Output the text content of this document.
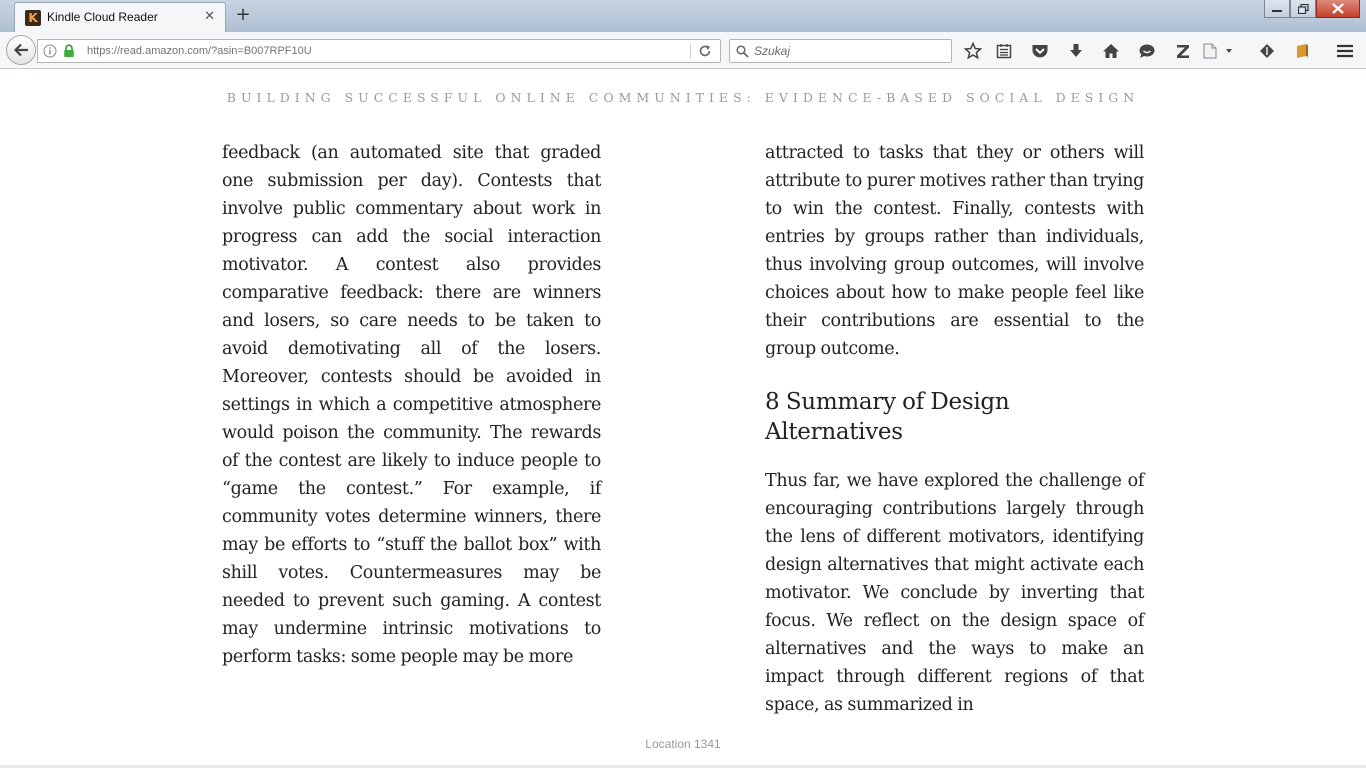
K Kindle Cloud Reader	✕ +
https://read.amazon.com/?asin=B007RPF10U
Szukaj
BUILDING SUCCESSFUL ONLINE COMMUNITIES: EVIDENCE-BASED SOCIAL DESIGN

feedback (an automated site that graded one submission per day). Contests that involve public commentary about work in progress can add the social interaction motivator. A contest also provides comparative feedback: there are winners and losers, so care needs to be taken to avoid demotivating all of the losers. Moreover, contests should be avoided in settings in which a competitive atmosphere would poison the community. The rewards of the contest are likely to induce people to “game the contest.” For example, if community votes determine winners, there may be efforts to “stuff the ballot box” with shill votes. Countermeasures may be needed to prevent such gaming. A contest may undermine intrinsic motivations to perform tasks: some people may be more

attracted to tasks that they or others will attribute to purer motives rather than trying to win the contest. Finally, contests with entries by groups rather than individuals, thus involving group outcomes, will involve choices about how to make people feel like their contributions are essential to the group outcome.

8 Summary of Design Alternatives

Thus far, we have explored the challenge of encouraging contributions largely through the lens of different motivators, identifying design alternatives that might activate each motivator. We conclude by inverting that focus. We reflect on the design space of alternatives and the ways to make an impact through different regions of that space, as summarized in

Location 1341
